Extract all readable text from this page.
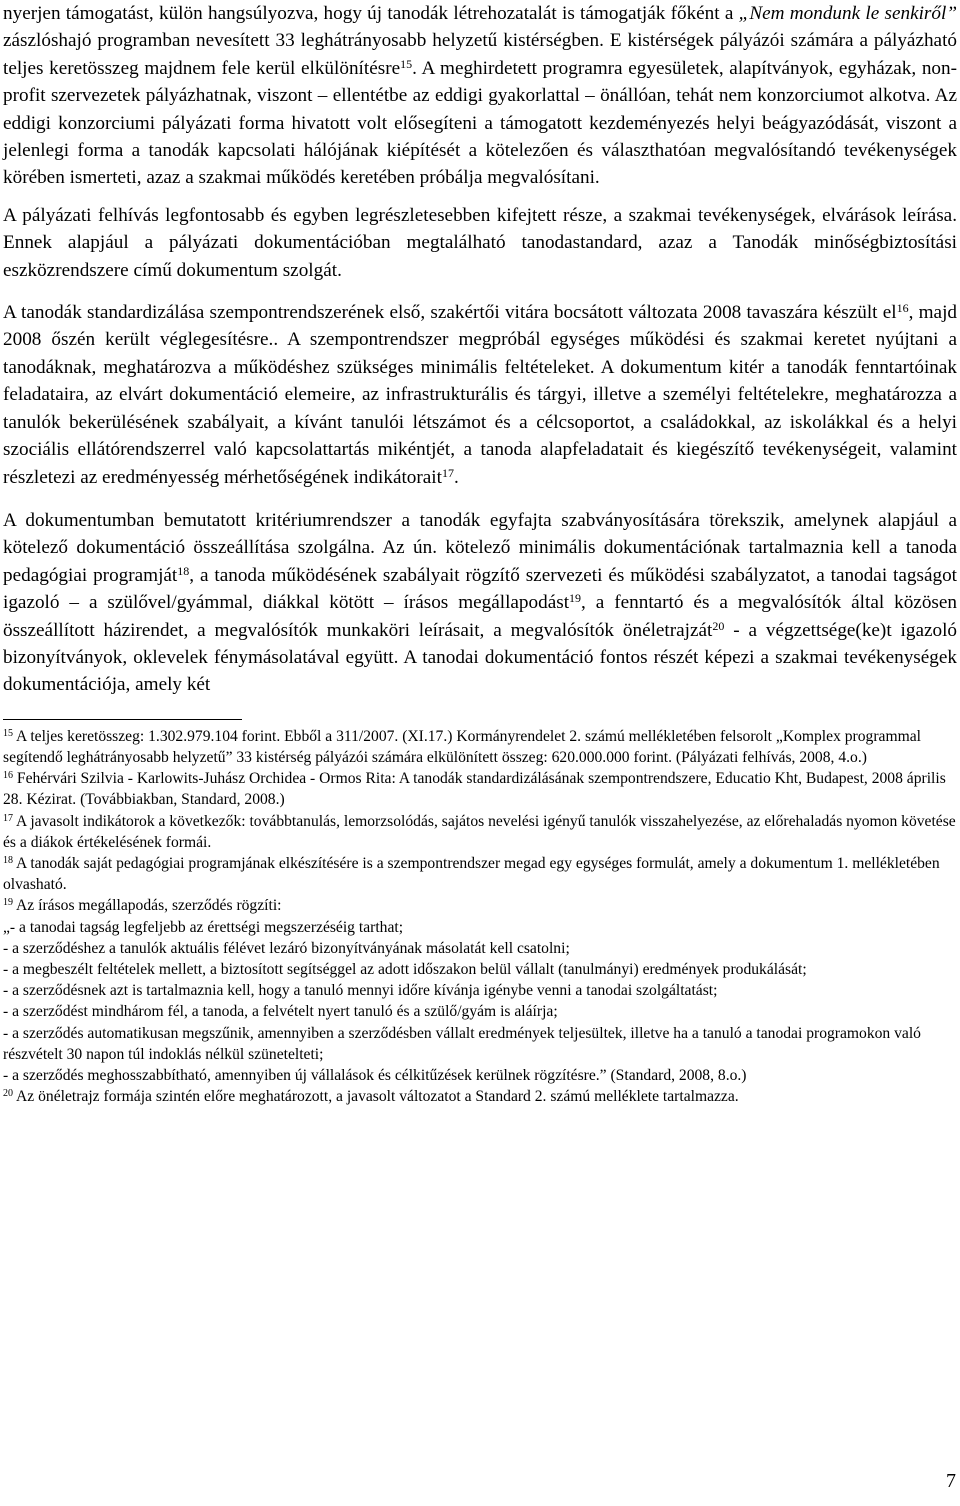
nyerjen támogatást, külön hangsúlyozva, hogy új tanodák létrehozatalát is támogatják főként a „Nem mondunk le senkiről” zászlóshajó programban nevesített 33 leghátrányosabb helyzetű kistérségben. E kistérségek pályázói számára a pályázható teljes keretösszeg majdnem fele kerül elkülönítésre$^{15}$. A meghirdetett programra egyesületek, alapítványok, egyházak, non-profit szervezetek pályázhatnak, viszont – ellentétbe az eddigi gyakorlattal – önállóan, tehát nem konzorciumot alkotva. Az eddigi konzorciumi pályázati forma hivatott volt elősegíteni a támogatott kezdeményezés helyi beágyazódását, viszont a jelenlegi forma a tanodák kapcsolati hálójának kiépítését a kötelezően és választhatóan megvalósítandó tevékenységek körében ismerteti, azaz a szakmai működés keretében próbálja megvalósítani.

A pályázati felhívás legfontosabb és egyben legrészletesebben kifejtett része, a szakmai tevékenységek, elvárások leírása. Ennek alapjául a pályázati dokumentációban megtalálható tanodastandard, azaz a Tanodák minőségbiztosítási eszközrendszere című dokumentum szolgát.

A tanodák standardizálása szempontrendszerének első, szakértői vitára bocsátott változata 2008 tavaszára készült $el^{16}$, majd 2008 őszén került véglegesítésre.. A szempontrendszer megpróbál egységes működési és szakmai keretet nyújtani a tanodáknak, meghatározva a működéshez szükséges minimális feltételeket. A dokumentum kitér a tanodák fenntartóinak feladataira, az elvárt dokumentáció elemeire, az infrastrukturális és tárgyi, illetve a személyi feltételekre, meghatározza a tanulók bekerülésének szabályait, a kívánt tanulói létszámot és a célcsoportot, a családokkal, az iskolákkal és a helyi szociális ellátórendszerrel való kapcsolattartás mikéntjét, a tanoda alapfeladatait és kiegészítő tevékenységeit, valamint részletezi az eredményesség mérhetőségének indikátorait$^{17}$.

A dokumentumban bemutatott kritériumrendszer a tanodák egyfajta szabványosítására törekszik, amelynek alapjául a kötelező dokumentáció összeállítása szolgálna. Az ún. kötelező minimális dokumentációnak tartalmaznia kell a tanoda pedagógiai programját$^{18}$, a tanoda működésének szabályait rögzítő szervezeti és működési szabályzatot, a tanodai tagságot igazoló – a szülővel/gyámmal, diákkal kötött – írásos megállapodást$^{19}$, a fenntartó és a megvalósítók által közösen összeállított házirendet, a megvalósítók munkaköri leírásait, a megvalósítók önéletrajzát$^{20}$ - a végzettsége(ke)t igazoló bizonyítványok, oklevelek fénymásolatával együtt. A tanodai dokumentáció fontos részét képezi a szakmai tevékenységek dokumentációja, amely két

$^{15}$ A teljes keretösszeg: 1.302.979.104 forint. Ebből a 311/2007. (XI.17.) Kormányrendelet 2. számú mellékletében felsorolt „Komplex programmal segítendő leghátrányosabb helyzetű” 33 kistérség pályázói számára elkülönített összeg: 620.000.000 forint. (Pályázati felhívás, 2008, 4.o.)

$^{16}$ Fehérvári Szilvia - Karlowits-Juhász Orchidea - Ormos Rita: A tanodák standardizálásának szempontrendszere, Educatio Kht, Budapest, 2008 április 28. Kézirat. (Továbbiakban, Standard, 2008.)

$^{17}$ A javasolt indikátorok a következők: továbbtanulás, lemorzsolódás, sajátos nevelési igényű tanulók visszahelyezése, az előrehaladás nyomon követése és a diákok értékelésének formái.

$^{18}$ A tanodák saját pedagógiai programjának elkészítésére is a szempontrendszer megad egy egységes formulát, amely a dokumentum 1. mellékletében olvasható.

$^{19}$ Az írásos megállapodás, szerződés rögzíti:

„- a tanodai tagság legfeljebb az érettségi megszerzéséig tarthat;

- a szerződéshez a tanulók aktuális félévet lezáró bizonyítványának másolatát kell csatolni;

- a megbeszélt feltételek mellett, a biztosított segítséggel az adott időszakon belül vállalt (tanulmányi) eredmények produkálását;

- a szerződésnek azt is tartalmaznia kell, hogy a tanuló mennyi időre kívánja igénybe venni a tanodai szolgáltatást;

- a szerződést mindhárom fél, a tanoda, a felvételt nyert tanuló és a szülő/gyám is aláírja;

- a szerződés automatikusan megszűnik, amennyiben a szerződésben vállalt eredmények teljesültek, illetve ha a tanuló a tanodai programokon való részvételt 30 napon túl indoklás nélkül szünetelteti;

- a szerződés meghosszabbítható, amennyiben új vállalások és célkitűzések kerülnek rögzítésre.” (Standard, 2008, 8.o.)

$^{20}$ Az önéletrajz formája szintén előre meghatározott, a javasolt változatot a Standard 2. számú melléklete tartalmazza.

7
